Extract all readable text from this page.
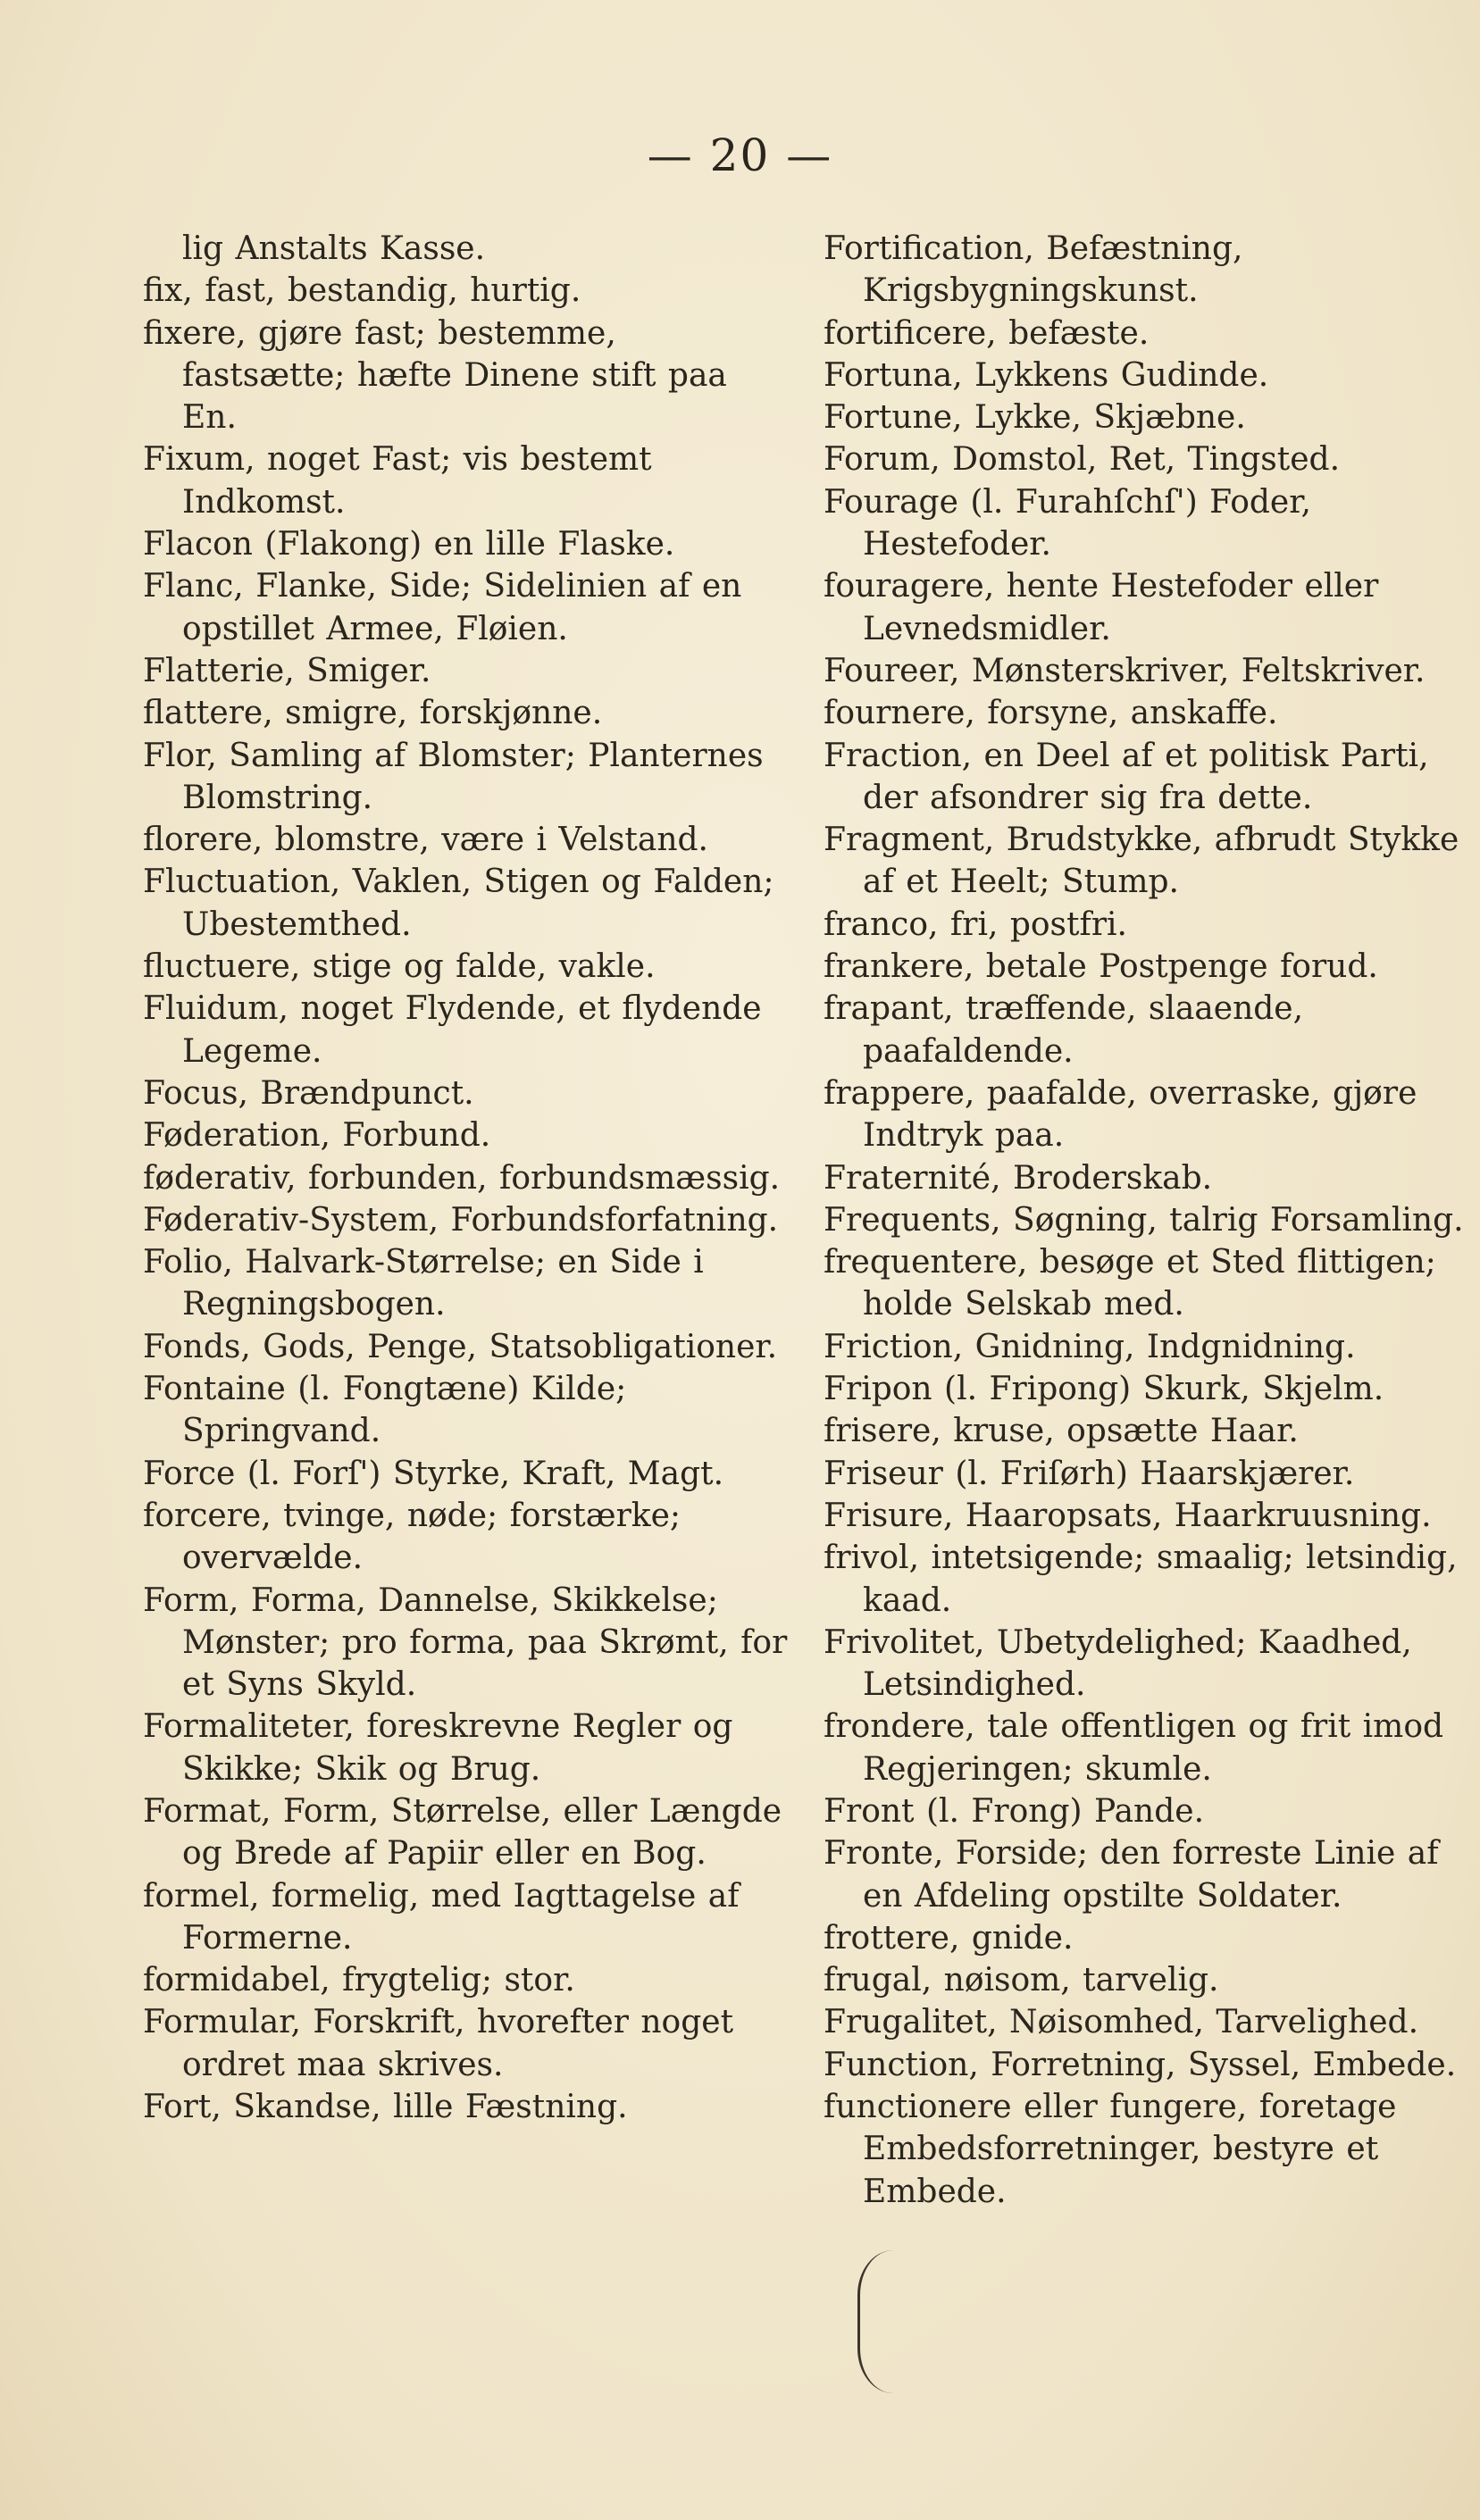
— 20 —
lig Anstalts Kasse.
fix, fast, bestandig, hurtig.
fixere, gjøre fast; bestemme, fastsætte; hæfte Dinene stift paa En.
Fixum, noget Fast; vis bestemt Indkomst.
Flacon (Flakong) en lille Flaske.
Flanc, Flanke, Side; Sidelinien af en opstillet Armee, Fløien.
Flatterie, Smiger.
flattere, smigre, forskjønne.
Flor, Samling af Blomster; Planternes Blomstring.
florere, blomstre, være i Velstand.
Fluctuation, Vaklen, Stigen og Falden; Ubestemthed.
fluctuere, stige og falde, vakle.
Fluidum, noget Flydende, et flydende Legeme.
Focus, Brændpunct.
Føderation, Forbund.
føderativ, forbunden, forbundsmæssig.
Føderativ-System, Forbundsforfatning.
Folio, Halvark-Størrelse; en Side i Regningsbogen.
Fonds, Gods, Penge, Statsobligationer.
Fontaine (l. Fongtæne) Kilde; Springvand.
Force (l. Forſ') Styrke, Kraft, Magt.
forcere, tvinge, nøde; forstærke; overvælde.
Form, Forma, Dannelse, Skikkelse; Mønster; pro forma, paa Skrømt, for et Syns Skyld.
Formaliteter, foreskrevne Regler og Skikke; Skik og Brug.
Format, Form, Størrelse, eller Længde og Brede af Papiir eller en Bog.
formel, formelig, med Iagttagelse af Formerne.
formidabel, frygtelig; stor.
Formular, Forskrift, hvorefter noget ordret maa skrives.
Fort, Skandse, lille Fæstning.
Fortification, Befæstning, Krigsbygningskunst.
fortificere, befæste.
Fortuna, Lykkens Gudinde.
Fortune, Lykke, Skjæbne.
Forum, Domstol, Ret, Tingsted.
Fourage (l. Furahſchſ') Foder, Hestefoder.
fouragere, hente Hestefoder eller Levnedsmidler.
Foureer, Mønsterskriver, Feltskriver.
fournere, forsyne, anskaffe.
Fraction, en Deel af et politisk Parti, der afsondrer sig fra dette.
Fragment, Brudstykke, afbrudt Stykke af et Heelt; Stump.
franco, fri, postfri.
frankere, betale Postpenge forud.
frapant, træffende, slaaende, paafaldende.
frappere, paafalde, overraske, gjøre Indtryk paa.
Fraternité, Broderskab.
Frequents, Søgning, talrig Forsamling.
frequentere, besøge et Sted flittigen; holde Selskab med.
Friction, Gnidning, Indgnidning.
Fripon (l. Fripong) Skurk, Skjelm.
frisere, kruse, opsætte Haar.
Friseur (l. Friſørh) Haarskjærer.
Frisure, Haaropsats, Haarkruusning.
frivol, intetsigende; smaalig; letsindig, kaad.
Frivolitet, Ubetydelighed; Kaadhed, Letsindighed.
frondere, tale offentligen og frit imod Regjeringen; skumle.
Front (l. Frong) Pande.
Fronte, Forside; den forreste Linie af en Afdeling opstilte Soldater.
frottere, gnide.
frugal, nøisom, tarvelig.
Frugalitet, Nøisomhed, Tarvelighed.
Function, Forretning, Syssel, Embede.
functionere eller fungere, foretage Embedsforretninger, bestyre et Embede.
